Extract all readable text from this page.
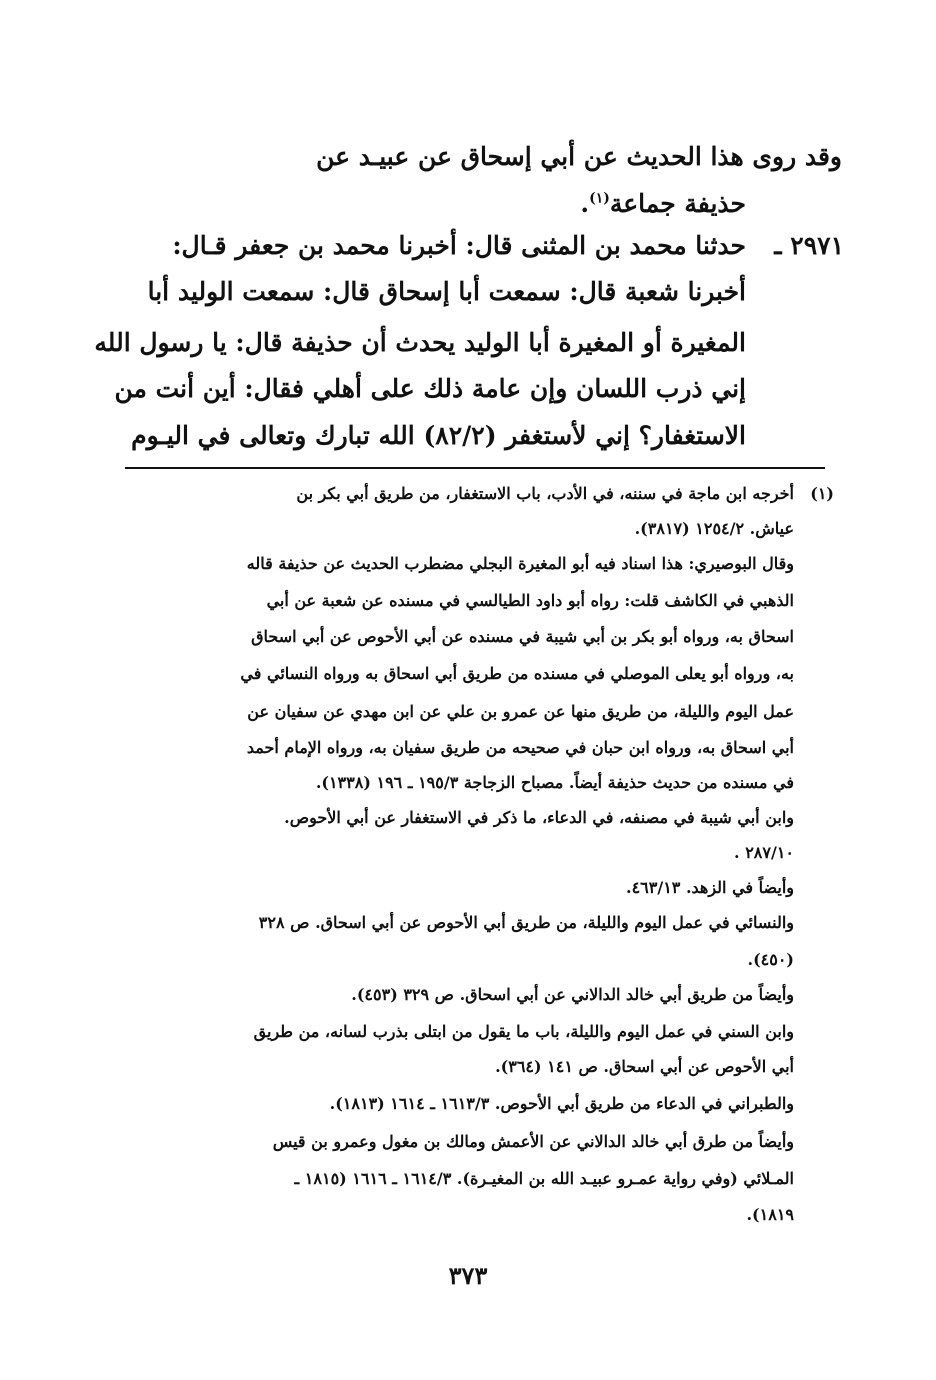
وقد روى هذا الحديث عن أبي إسحاق عن عبيـد عن
حذيفة جماعة$^{(١)}$.
٢٩٧١ ـ
حدثنا محمد بن المثنى قال: أخبرنا محمد بن جعفر قـال:
أخبرنا شعبة قال: سمعت أبا إسحاق قال: سمعت الوليد أبا
المغيرة أو المغيرة أبا الوليد يحدث أن حذيفة قال: يا رسول الله
إني ذرب اللسان وإن عامة ذلك على أهلي فقال: أين أنت من
الاستغفار؟ إني لأستغفر (٨٢/٢) الله تبارك وتعالى في اليـوم
(١)
أخرجه ابن ماجة في سننه، في الأدب، باب الاستغفار، من طريق أبي بكر بن
عياش. ١٢٥٤/٢ (٣٨١٧).
وقال البوصيري: هذا اسناد فيه أبو المغيرة البجلي مضطرب الحديث عن حذيفة قاله
الذهبي في الكاشف قلت: رواه أبو داود الطيالسي في مسنده عن شعبة عن أبي
اسحاق به، ورواه أبو بكر بن أبي شيبة في مسنده عن أبي الأحوص عن أبي اسحاق
به، ورواه أبو يعلى الموصلي في مسنده من طريق أبي اسحاق به ورواه النسائي في
عمل اليوم والليلة، من طريق منها عن عمرو بن علي عن ابن مهدي عن سفيان عن
أبي اسحاق به، ورواه ابن حبان في صحيحه من طريق سفيان به، ورواه الإمام أحمد
في مسنده من حديث حذيفة أيضاً. مصباح الزجاجة ١٩٥/٣ ـ ١٩٦ (١٣٣٨).
وابن أبي شيبة في مصنفه، في الدعاء، ما ذكر في الاستغفار عن أبي الأحوص.
٢٨٧/١٠ .
وأيضاً في الزهد. ٤٦٣/١٣.
والنسائي في عمل اليوم والليلة، من طريق أبي الأحوص عن أبي اسحاق. ص ٣٢٨
(٤٥٠).
وأيضاً من طريق أبي خالد الدالاني عن أبي اسحاق. ص ٣٢٩ (٤٥٣).
وابن السني في عمل اليوم والليلة، باب ما يقول من ابتلى بذرب لسانه، من طريق
أبي الأحوص عن أبي اسحاق. ص ١٤١ (٣٦٤).
والطبراني في الدعاء من طريق أبي الأحوص. ١٦١٣/٣ ـ ١٦١٤ (١٨١٣).
وأيضاً من طرق أبي خالد الدالاني عن الأعمش ومالك بن مغول وعمرو بن قيس
المـلائي (وفي رواية عمـرو عبيـد الله بن المغيـرة). ١٦١٤/٣ ـ ١٦١٦ (١٨١٥ ـ
١٨١٩).
٣٧٣
